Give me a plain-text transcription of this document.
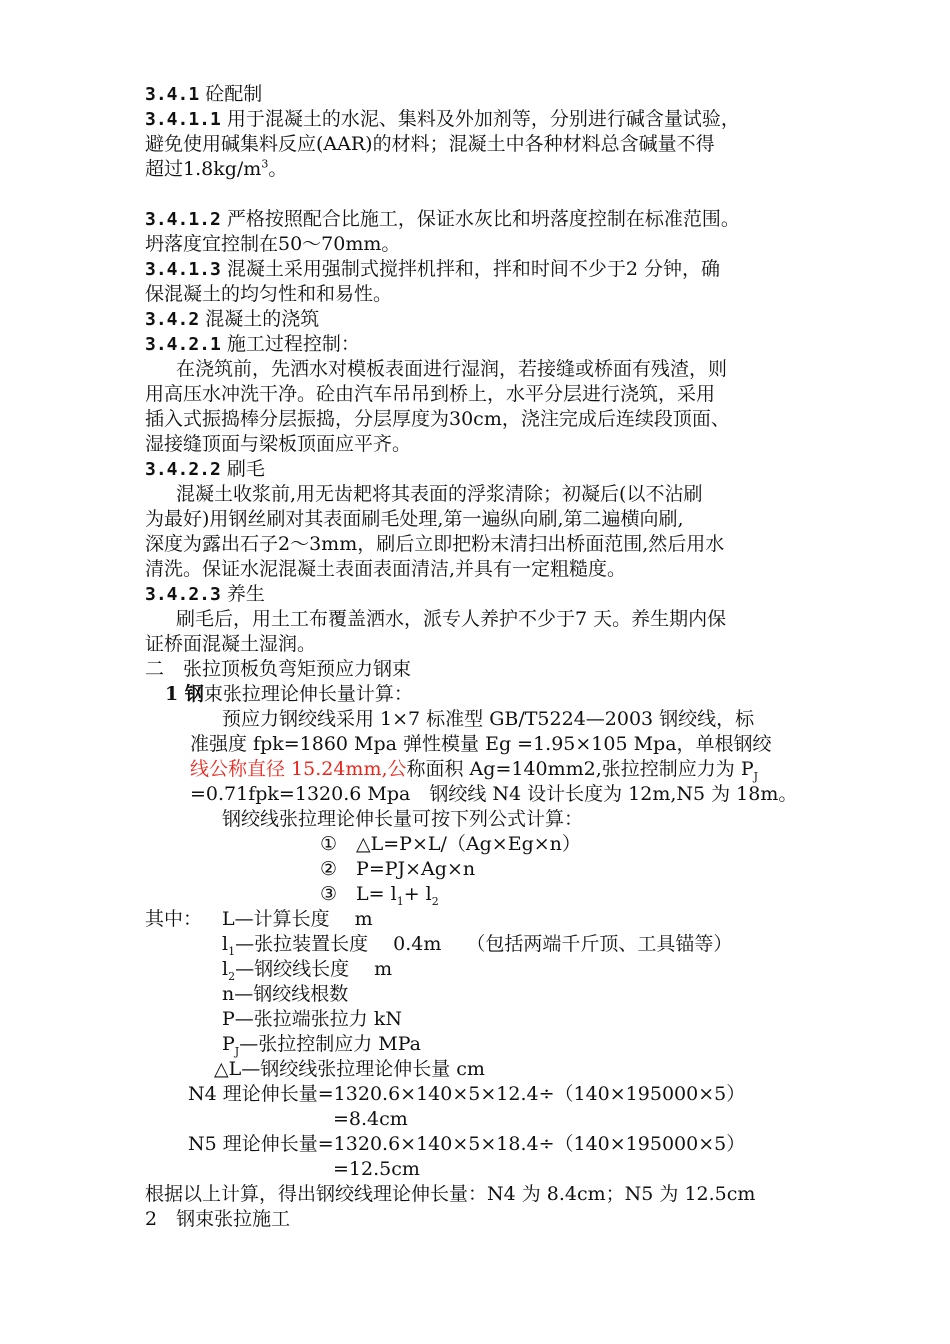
3.4.1 砼配制
3.4.1.1 用于混凝土的水泥、集料及外加剂等，分别进行碱含量试验，
避免使用碱集料反应(AAR)的材料；混凝土中各种材料总含碱量不得
超过$1.8kg/m^3$。
3.4.1.2 严格按照配合比施工，保证水灰比和坍落度控制在标准范围。
坍落度宜控制在50～70mm。
3.4.1.3 混凝土采用强制式搅拌机拌和，拌和时间不少于2 分钟，确
保混凝土的均匀性和和易性。
3.4.2 混凝土的浇筑
3.4.2.1 施工过程控制：
在浇筑前，先洒水对模板表面进行湿润，若接缝或桥面有残渣，则
用高压水冲洗干净。砼由汽车吊吊到桥上，水平分层进行浇筑，采用
插入式振捣棒分层振捣，分层厚度为30cm，浇注完成后连续段顶面、
湿接缝顶面与梁板顶面应平齐。
3.4.2.2 刷毛
混凝土收浆前,用无齿耙将其表面的浮浆清除；初凝后(以不沾刷
为最好)用钢丝刷对其表面刷毛处理,第一遍纵向刷,第二遍横向刷,
深度为露出石子2～3mm，刷后立即把粉末清扫出桥面范围,然后用水
清洗。保证水泥混凝土表面表面清洁,并具有一定粗糙度。
3.4.2.3 养生
刷毛后，用土工布覆盖洒水，派专人养护不少于7 天。养生期内保
证桥面混凝土湿润。
二　张拉顶板负弯矩预应力钢束
1 钢束张拉理论伸长量计算：
预应力钢绞线采用 1×7 标准型 GB/T5224—2003 钢绞线，标
准强度 fpk=1860 Mpa 弹性模量 Eg =1.95×105 Mpa，单根钢绞
线公称直径 15.24mm,公称面积 Ag=140mm2,张拉控制应力为 $P_J$
=0.71fpk=1320.6 Mpa　钢绞线 N4 设计长度为 12m,N5 为 18m。
钢绞线张拉理论伸长量可按下列公式计算：
①　△L=P×L/（Ag×Eg×n）
②　P=PJ×Ag×n
③　$L= l_1+ l_2$
其中： L—计算长度　 m
$l_1—$张拉装置长度　 0.4m　 （包括两端千斤顶、工具锚等）
$l_2—$钢绞线长度　 m
n—钢绞线根数
P—张拉端张拉力 kN
$P_J—$张拉控制应力 MPa
△L—钢绞线张拉理论伸长量 cm
N4 理论伸长量=1320.6×140×5×12.4÷（140×195000×5）
=8.4cm
N5 理论伸长量=1320.6×140×5×18.4÷（140×195000×5）
=12.5cm
根据以上计算，得出钢绞线理论伸长量：N4 为 8.4cm；N5 为 12.5cm
2　钢束张拉施工
